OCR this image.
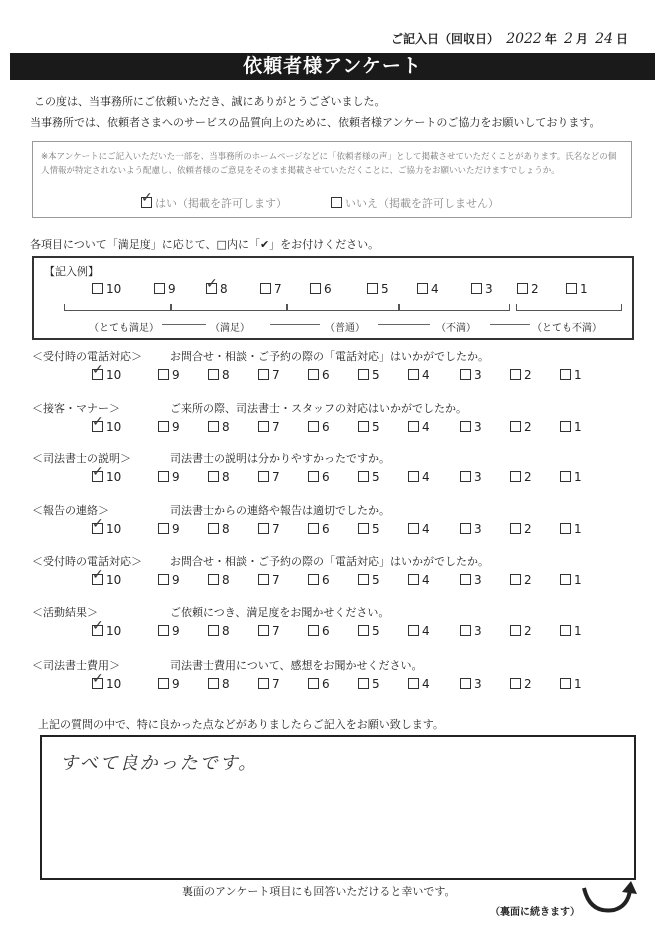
ご記入日（回収日） 2022 年 2 月 24 日
依頼者様アンケート
この度は、当事務所にご依頼いただき、誠にありがとうございました。
当事務所では、依頼者さまへのサービスの品質向上のために、依頼者様アンケートのご協力をお願いしております。
※本アンケートにご記入いただいた一部を、当事務所のホームページなどに「依頼者様の声」として掲載させていただくことがあります。氏名などの個人情報が特定されないよう配慮し、依頼者様のご意見をそのまま掲載させていただくことに、ご協力をお願いいただけますでしょうか。
✓ はい（掲載を許可します）	いいえ（掲載を許可しません）
各項目について「満足度」に応じて、□内に「✔」をお付けください。
【記入例】
10	9 ✓ 8	7	6	5	4	3	2	1
（とても満足）	（満足）	（普通）	（不満）	（とても不満）
＜受付時の電話対応＞	お問合せ・相談・ご予約の際の「電話対応」はいかがでしたか。
✓ 10	9	8	7	6	5	4	3	2	1
＜接客・マナー＞	ご来所の際、司法書士・スタッフの対応はいかがでしたか。
✓ 10	9	8	7	6	5	4	3	2	1
＜司法書士の説明＞	司法書士の説明は分かりやすかったですか。
✓ 10	9	8	7	6	5	4	3	2	1
＜報告の連絡＞	司法書士からの連絡や報告は適切でしたか。
✓ 10	9	8	7	6	5	4	3	2	1
＜受付時の電話対応＞	お問合せ・相談・ご予約の際の「電話対応」はいかがでしたか。
✓ 10	9	8	7	6	5	4	3	2	1
＜活動結果＞	ご依頼につき、満足度をお聞かせください。
✓ 10	9	8	7	6	5	4	3	2	1
＜司法書士費用＞	司法書士費用について、感想をお聞かせください。
✓ 10	9	8	7	6	5	4	3	2	1
上記の質問の中で、特に良かった点などがありましたらご記入をお願い致します。
すべて良かったです。
裏面のアンケート項目にも回答いただけると幸いです。
（裏面に続きます）
